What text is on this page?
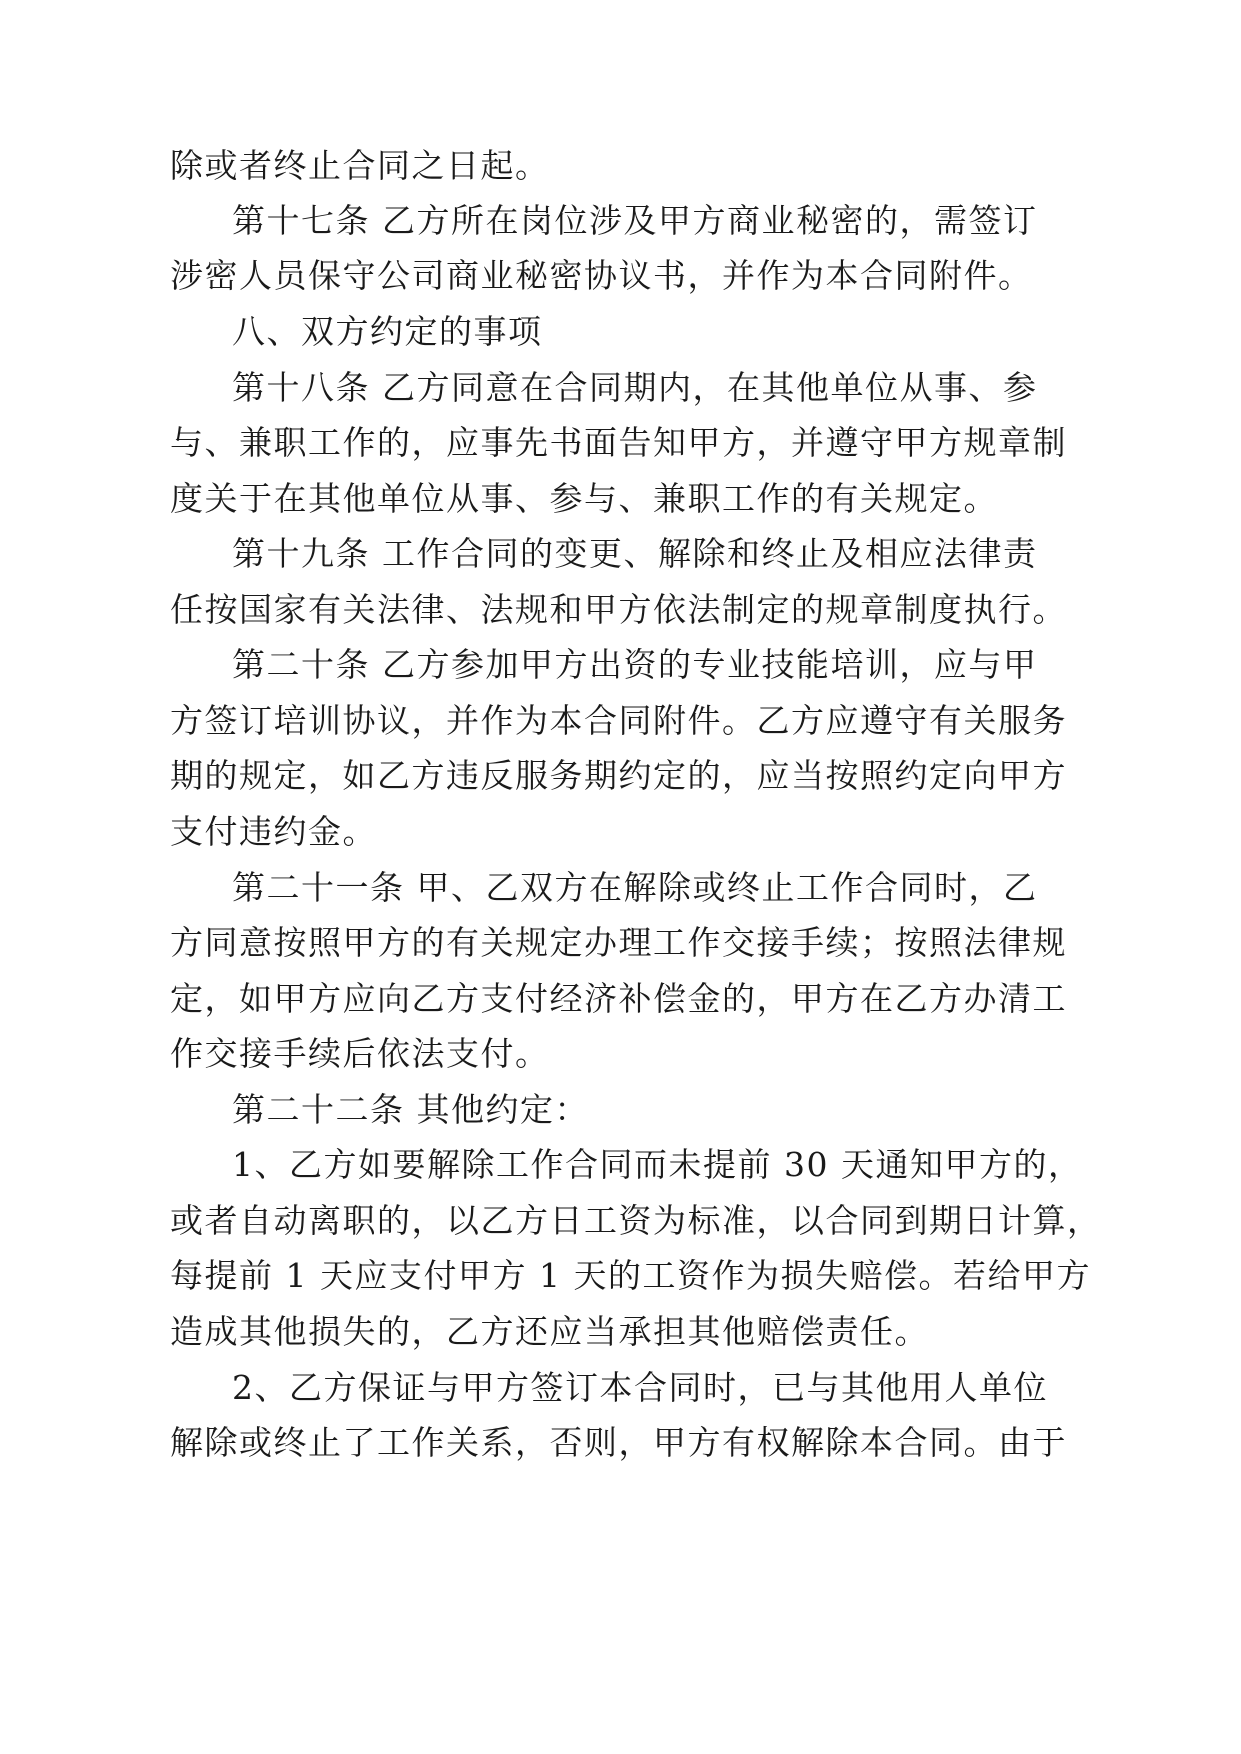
除或者终止合同之日起。
第十七条 乙方所在岗位涉及甲方商业秘密的，需签订
涉密人员保守公司商业秘密协议书，并作为本合同附件。
八、双方约定的事项
第十八条 乙方同意在合同期内，在其他单位从事、参
与、兼职工作的，应事先书面告知甲方，并遵守甲方规章制
度关于在其他单位从事、参与、兼职工作的有关规定。
第十九条 工作合同的变更、解除和终止及相应法律责
任按国家有关法律、法规和甲方依法制定的规章制度执行。
第二十条 乙方参加甲方出资的专业技能培训，应与甲
方签订培训协议，并作为本合同附件。乙方应遵守有关服务
期的规定，如乙方违反服务期约定的，应当按照约定向甲方
支付违约金。
第二十一条 甲、乙双方在解除或终止工作合同时，乙
方同意按照甲方的有关规定办理工作交接手续；按照法律规
定，如甲方应向乙方支付经济补偿金的，甲方在乙方办清工
作交接手续后依法支付。
第二十二条 其他约定：
1、乙方如要解除工作合同而未提前 30 天通知甲方的，
或者自动离职的，以乙方日工资为标准，以合同到期日计算，
每提前 1 天应支付甲方 1 天的工资作为损失赔偿。若给甲方
造成其他损失的，乙方还应当承担其他赔偿责任。
2、乙方保证与甲方签订本合同时，已与其他用人单位
解除或终止了工作关系，否则，甲方有权解除本合同。由于
